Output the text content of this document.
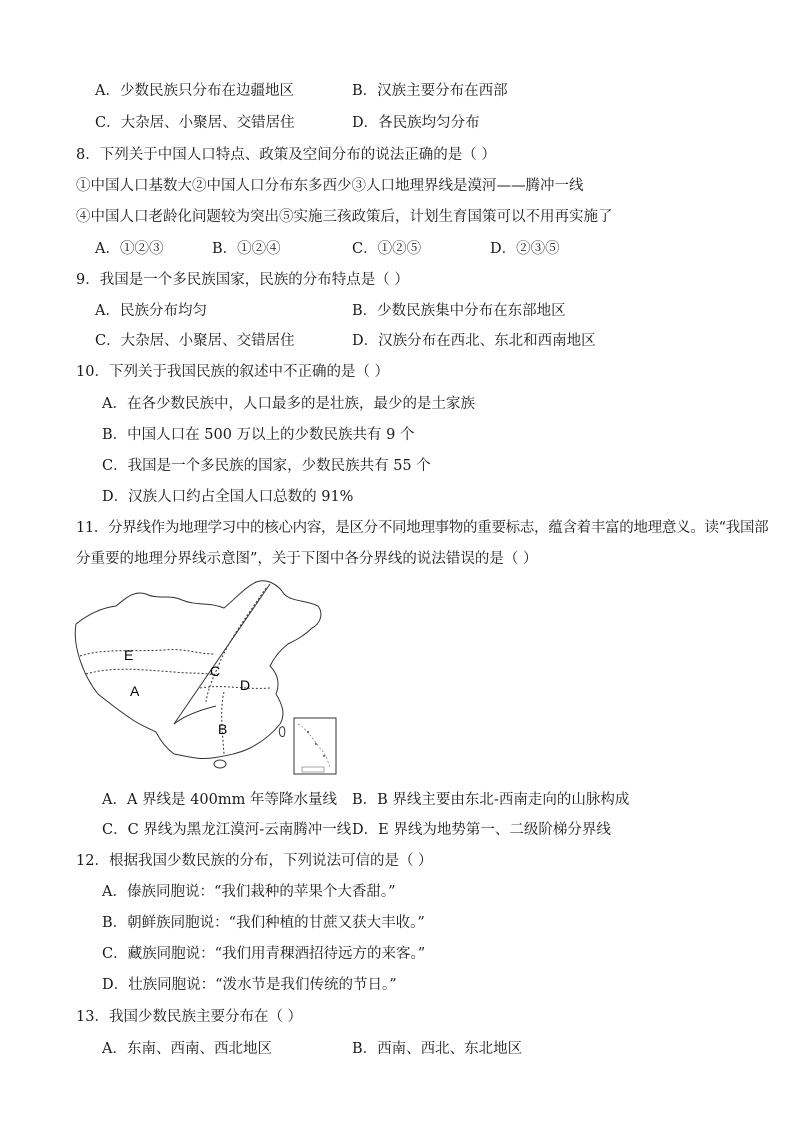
A．少数民族只分布在边疆地区	B．汉族主要分布在西部
C．大杂居、小聚居、交错居住	D．各民族均匀分布
8．下列关于中国人口特点、政策及空间分布的说法正确的是（ ）
①中国人口基数大②中国人口分布东多西少③人口地理界线是漠河——腾冲一线
④中国人口老龄化问题较为突出⑤实施三孩政策后，计划生育国策可以不用再实施了
A．①②③	B．①②④	C．①②⑤	D．②③⑤
9．我国是一个多民族国家，民族的分布特点是（ ）
A．民族分布均匀	B．少数民族集中分布在东部地区
C．大杂居、小聚居、交错居住	D．汉族分布在西北、东北和西南地区
10．下列关于我国民族的叙述中不正确的是（ ）
A．在各少数民族中，人口最多的是壮族，最少的是土家族
B．中国人口在 500 万以上的少数民族共有 9 个
C．我国是一个多民族的国家，少数民族共有 55 个
D．汉族人口约占全国人口总数的 91%
11．分界线作为地理学习中的核心内容，是区分不同地理事物的重要标志，蕴含着丰富的地理意义。读“我国部
分重要的地理分界线示意图”，关于下图中各分界线的说法错误的是（ ）
E
A
C
D
B
A．A 界线是 400mm 年等降水量线 B．B 界线主要由东北-西南走向的山脉构成
C．C 界线为黑龙江漠河-云南腾冲一线 D．E 界线为地势第一、二级阶梯分界线
12．根据我国少数民族的分布，下列说法可信的是（ ）
A．傣族同胞说：“我们栽种的苹果个大香甜。”
B．朝鲜族同胞说：“我们种植的甘蔗又获大丰收。”
C．藏族同胞说：“我们用青稞酒招待远方的来客。”
D．壮族同胞说：“泼水节是我们传统的节日。”
13．我国少数民族主要分布在（ ）
A．东南、西南、西北地区	B．西南、西北、东北地区
